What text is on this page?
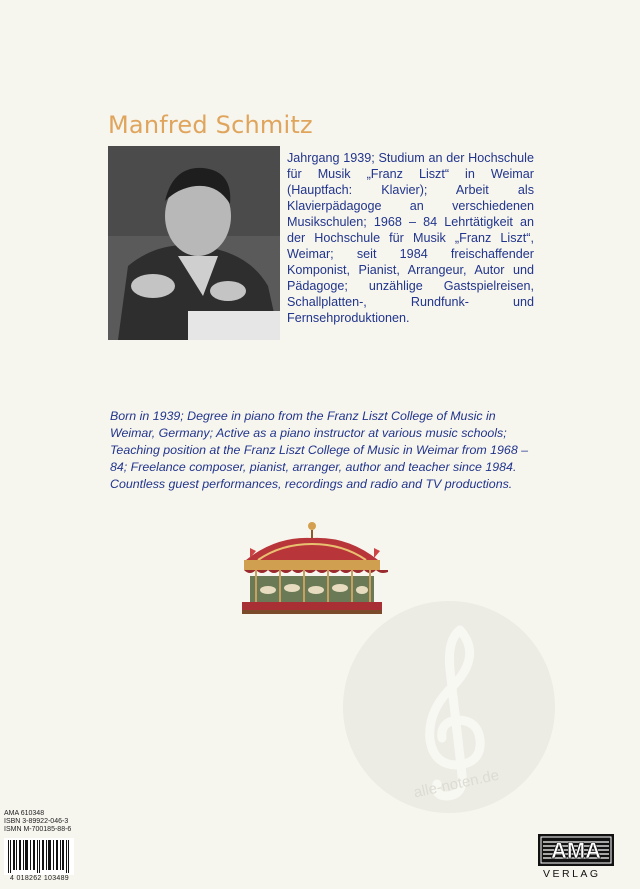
Manfred Schmitz
Jahrgang 1939; Studium an der Hochschule für Musik „Franz Liszt“ in Weimar (Hauptfach: Klavier); Arbeit als Klavierpädagoge an verschiedenen Musikschulen; 1968 – 84 Lehrtätigkeit an der Hochschule für Musik „Franz Liszt“, Weimar; seit 1984 freischaffender Komponist, Pianist, Arrangeur, Autor und Pädagoge; unzählige Gastspielreisen, Schallplatten-, Rundfunk- und Fernsehproduktionen.
Born in 1939; Degree in piano from the Franz Liszt College of Music in Weimar, Germany; Active as a piano instructor at various music schools; Teaching position at the Franz Liszt College of Music in Weimar from 1968 – 84; Freelance composer, pianist, arranger, author and teacher since 1984. Countless guest performances, recordings and radio and TV productions.
alle-noten.de
AMA 610348
ISBN 3-89922-046-3
ISMN M-700185-88-6
4 018262 103489
AMA
VERLAG
